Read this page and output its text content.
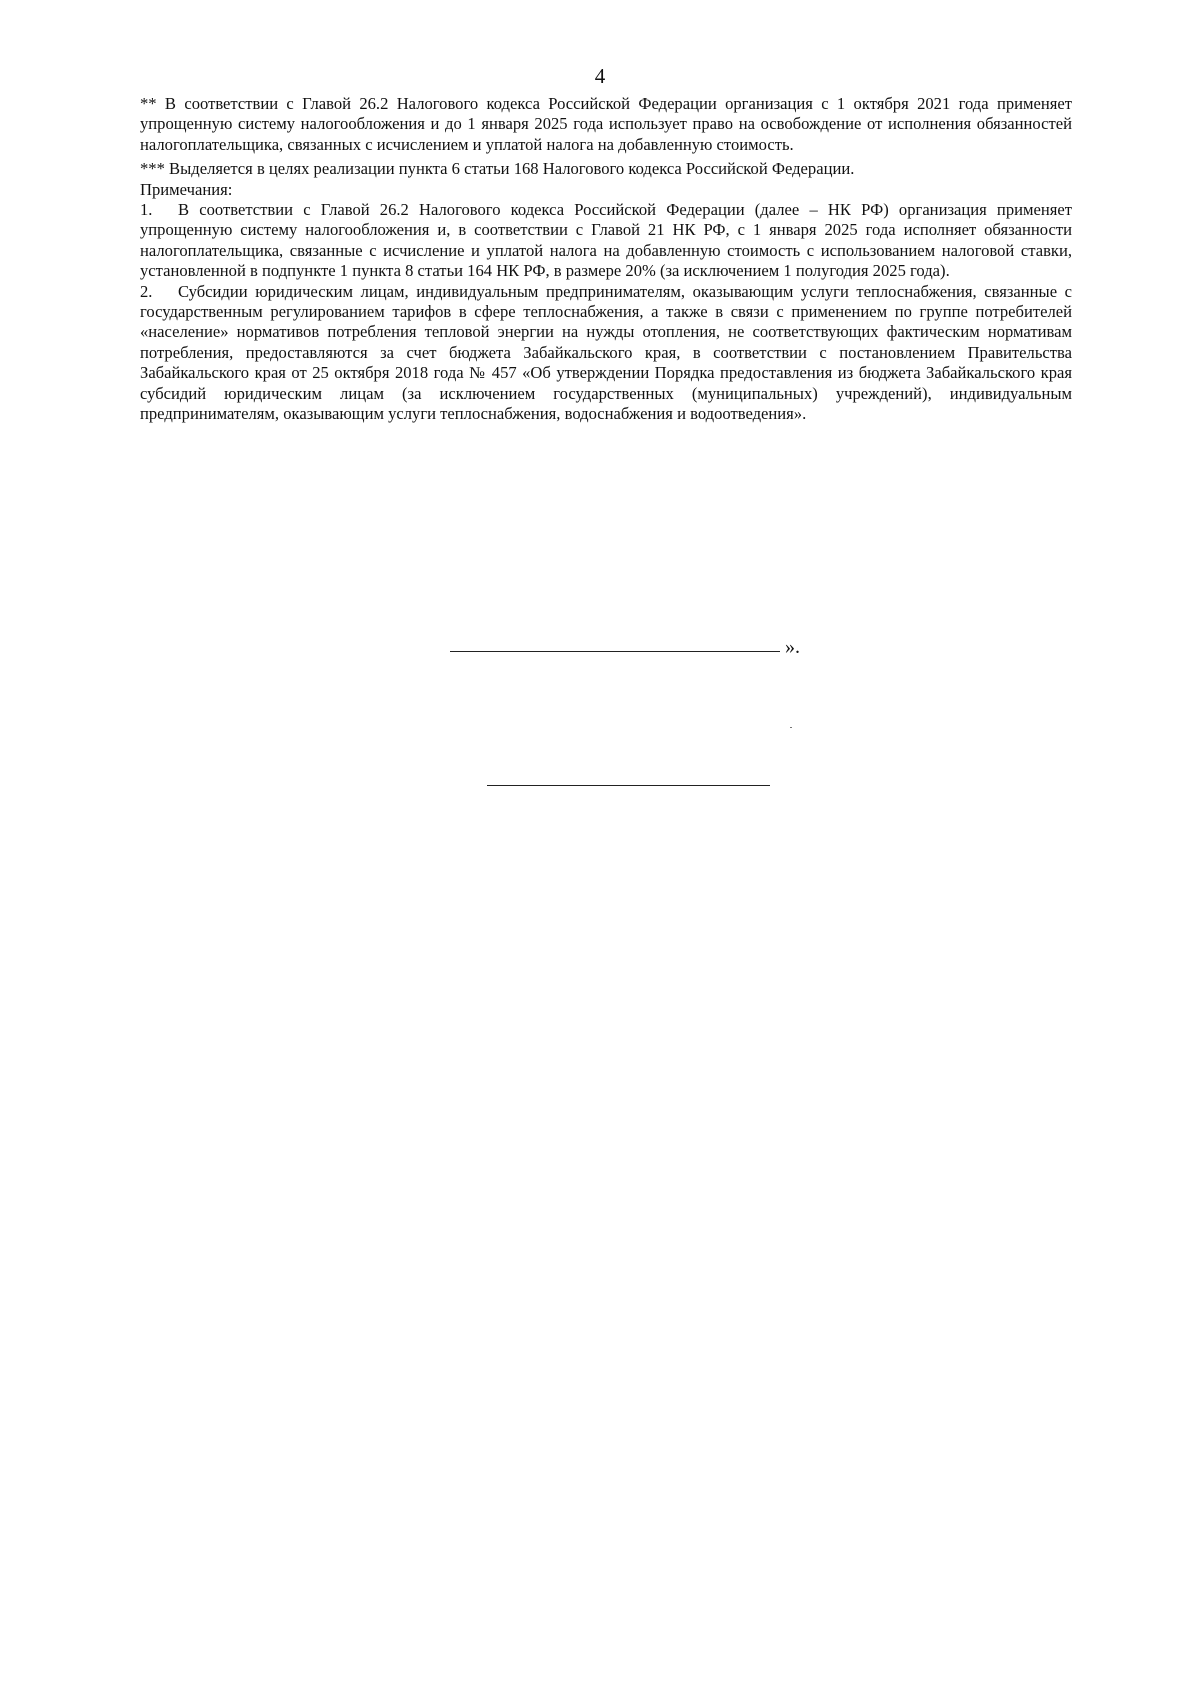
4

** В соответствии с Главой 26.2 Налогового кодекса Российской Федерации организация с 1 октября 2021 года применяет упрощенную систему налогообложения и до 1 января 2025 года использует право на освобождение от исполнения обязанностей налогоплательщика, связанных с исчислением и уплатой налога на добавленную стоимость.

*** Выделяется в целях реализации пункта 6 статьи 168 Налогового кодекса Российской Федерации.

Примечания:

1. В соответствии с Главой 26.2 Налогового кодекса Российской Федерации (далее – НК РФ) организация применяет упрощенную систему налогообложения и, в соответствии с Главой 21 НК РФ, с 1 января 2025 года исполняет обязанности налогоплательщика, связанные с исчисление и уплатой налога на добавленную стоимость с использованием налоговой ставки, установленной в подпункте 1 пункта 8 статьи 164 НК РФ, в размере 20% (за исключением 1 полугодия 2025 года).

2. Субсидии юридическим лицам, индивидуальным предпринимателям, оказывающим услуги теплоснабжения, связанные с государственным регулированием тарифов в сфере теплоснабжения, а также в связи с применением по группе потребителей «население» нормативов потребления тепловой энергии на нужды отопления, не соответствующих фактическим нормативам потребления, предоставляются за счет бюджета Забайкальского края, в соответствии с постановлением Правительства Забайкальского края от 25 октября 2018 года № 457 «Об утверждении Порядка предоставления из бюджета Забайкальского края субсидий юридическим лицам (за исключением государственных (муниципальных) учреждений), индивидуальным предпринимателям, оказывающим услуги теплоснабжения, водоснабжения и водоотведения».

».
